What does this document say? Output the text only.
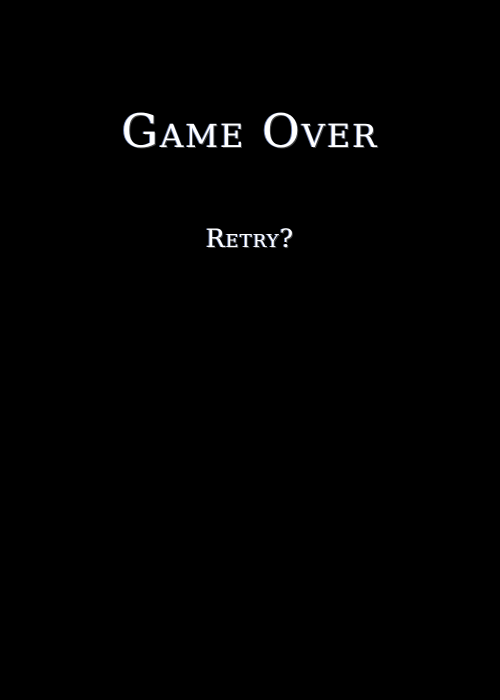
Game Over
Retry?
